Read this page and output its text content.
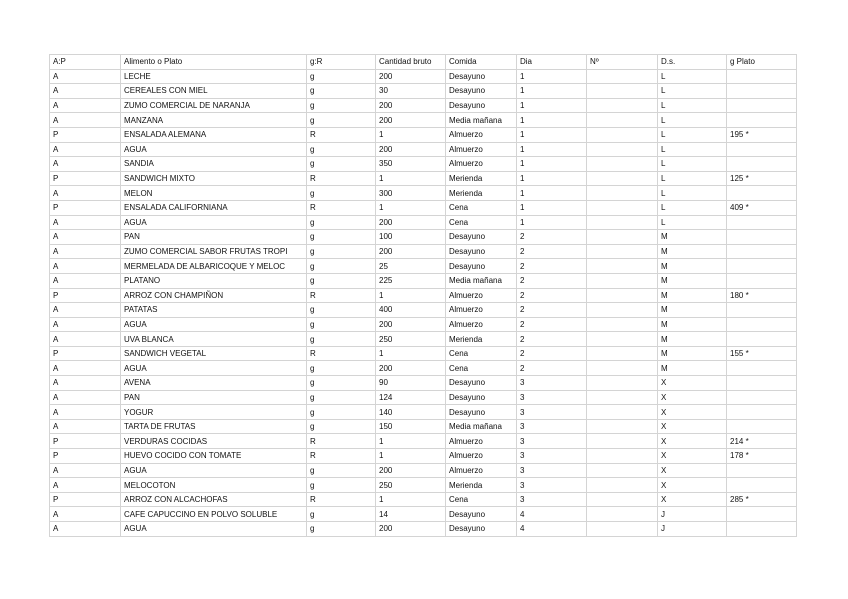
A:P	Alimento o Plato	g:R	Cantidad bruto	Comida	Dia	Nº	D.s.	g Plato
A	LECHE	g	200	Desayuno	1		L	
A	CEREALES CON MIEL	g	30	Desayuno	1		L	
A	ZUMO COMERCIAL DE NARANJA	g	200	Desayuno	1		L	
A	MANZANA	g	200	Media mañana	1		L	
P	ENSALADA ALEMANA	R	1	Almuerzo	1		L	195 *
A	AGUA	g	200	Almuerzo	1		L	
A	SANDIA	g	350	Almuerzo	1		L	
P	SANDWICH MIXTO	R	1	Merienda	1		L	125 *
A	MELON	g	300	Merienda	1		L	
P	ENSALADA CALIFORNIANA	R	1	Cena	1		L	409 *
A	AGUA	g	200	Cena	1		L	
A	PAN	g	100	Desayuno	2		M	
A	ZUMO COMERCIAL SABOR FRUTAS TROPI	g	200	Desayuno	2		M	
A	MERMELADA DE ALBARICOQUE Y MELOC	g	25	Desayuno	2		M	
A	PLATANO	g	225	Media mañana	2		M	
P	ARROZ CON CHAMPIÑON	R	1	Almuerzo	2		M	180 *
A	PATATAS	g	400	Almuerzo	2		M	
A	AGUA	g	200	Almuerzo	2		M	
A	UVA BLANCA	g	250	Merienda	2		M	
P	SANDWICH VEGETAL	R	1	Cena	2		M	155 *
A	AGUA	g	200	Cena	2		M	
A	AVENA	g	90	Desayuno	3		X	
A	PAN	g	124	Desayuno	3		X	
A	YOGUR	g	140	Desayuno	3		X	
A	TARTA DE FRUTAS	g	150	Media mañana	3		X	
P	VERDURAS COCIDAS	R	1	Almuerzo	3		X	214 *
P	HUEVO COCIDO CON TOMATE	R	1	Almuerzo	3		X	178 *
A	AGUA	g	200	Almuerzo	3		X	
A	MELOCOTON	g	250	Merienda	3		X	
P	ARROZ CON ALCACHOFAS	R	1	Cena	3		X	285 *
A	CAFE CAPUCCINO EN POLVO SOLUBLE	g	14	Desayuno	4		J	
A	AGUA	g	200	Desayuno	4		J	
